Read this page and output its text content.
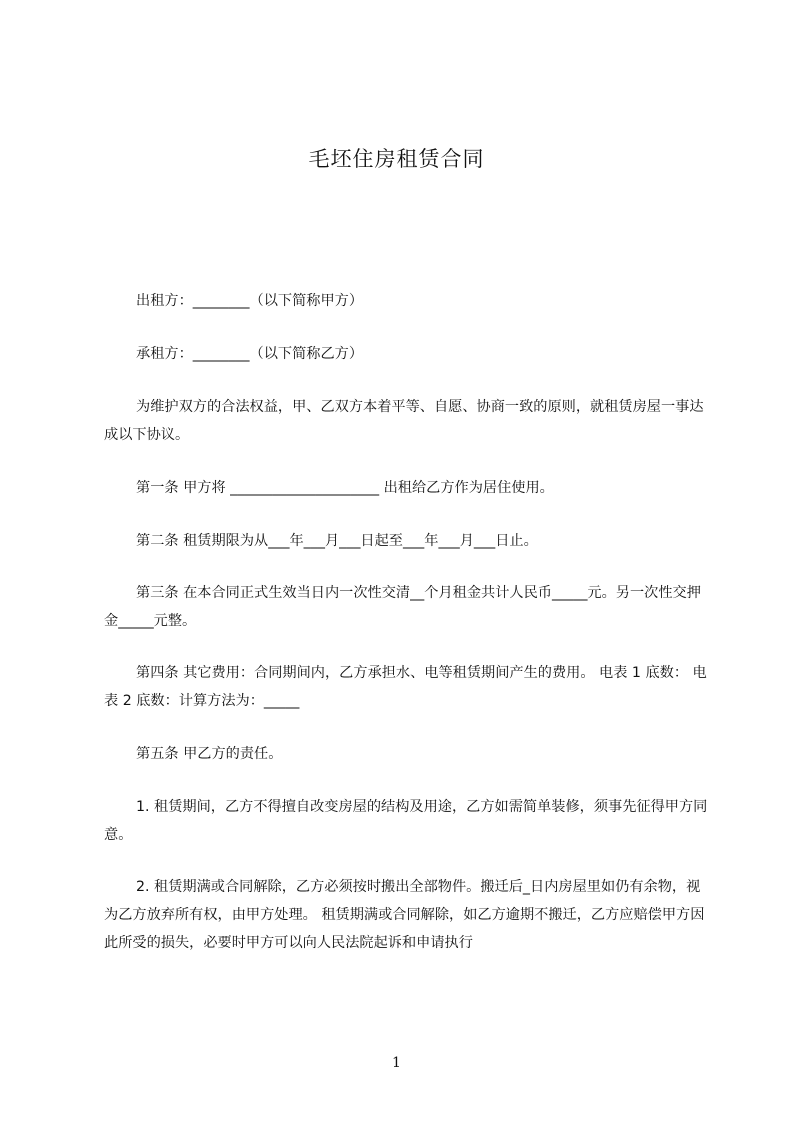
毛坯住房租赁合同

出租方：________（以下简称甲方）

承租方：________（以下简称乙方）

为维护双方的合法权益，甲、乙双方本着平等、自愿、协商一致的原则，就租赁房屋一事达成以下协议。

第一条 甲方将 _____________________ 出租给乙方作为居住使用。

第二条 租赁期限为从___年___月___日起至___年___月___日止。

第三条 在本合同正式生效当日内一次性交清__个月租金共计人民币_____元。另一次性交押金_____元整。

第四条 其它费用：合同期间内，乙方承担水、电等租赁期间产生的费用。 电表 1 底数： 电表 2 底数：计算方法为：_____

第五条 甲乙方的责任。

1. 租赁期间，乙方不得擅自改变房屋的结构及用途，乙方如需简单装修，须事先征得甲方同意。

2. 租赁期满或合同解除，乙方必须按时搬出全部物件。搬迁后_日内房屋里如仍有余物，视为乙方放弃所有权，由甲方处理。 租赁期满或合同解除，如乙方逾期不搬迁，乙方应赔偿甲方因此所受的损失，必要时甲方可以向人民法院起诉和申请执行

1
